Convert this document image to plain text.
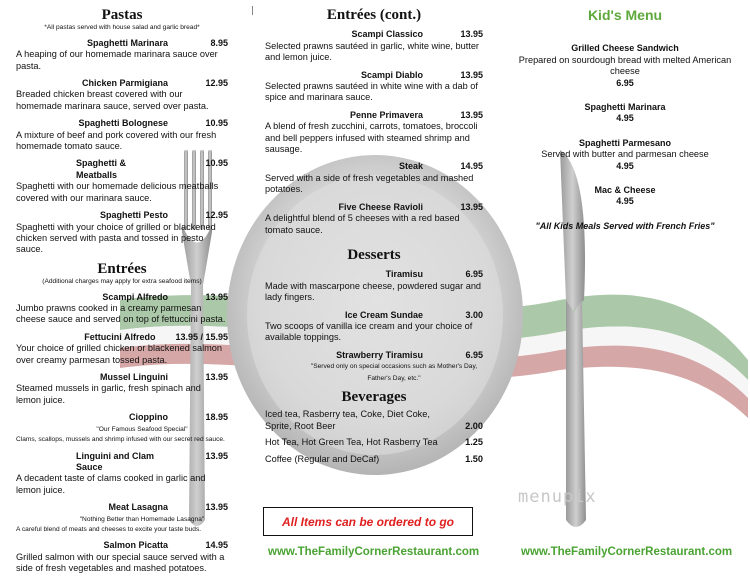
Pastas
*All pastas served with house salad and garlic bread*
Spaghetti Marinara	8.95
A heaping of our homemade marinara sauce over pasta.
Chicken Parmigiana	12.95
Breaded chicken breast covered with our homemade marinara sauce, served over pasta.
Spaghetti Bolognese	10.95
A mixture of beef and pork covered with our fresh homemade tomato sauce.
Spaghetti & Meatballs
10.95
Spaghetti with our homemade delicious meatballs covered with our marinara sauce.
Spaghetti Pesto	12.95
Spaghetti with your choice of grilled or blackened chicken served with pasta and tossed in pesto sauce.
Entrées
(Additional charges may apply for extra seafood items)
Scampi Alfredo	13.95
Jumbo prawns cooked in a creamy parmesan cheese sauce and served on top of fettuccini pasta.
Fettucini Alfredo 13.95 / 15.95
Your choice of grilled chicken or blackened salmon over creamy parmesan tossed pasta.
Mussel Linguini	13.95
Steamed mussels in garlic, fresh spinach and lemon juice.
Cioppino	18.95
"Our Famous Seafood Special"
Clams, scallops, mussels and shrimp infused with our secret red sauce.
Linguini and Clam Sauce
13.95
A decadent taste of clams cooked in garlic and lemon juice.
Meat Lasagna	13.95
"Nothing Better than Homemade Lasagna"
A careful blend of meats and cheeses to excite your taste buds.
Salmon Picatta	14.95
Grilled salmon with our special sauce served with a side of fresh vegetables and mashed potatoes.
Entrées (cont.)
Scampi Classico	13.95
Selected prawns sautéed in garlic, white wine, butter and lemon juice.
Scampi Diablo	13.95
Selected prawns sautéed in white wine with a dab of spice and marinara sauce.
Penne Primavera	13.95
A blend of fresh zucchini, carrots, tomatoes, broccoli and bell peppers infused with steamed shrimp and sausage.
Steak	14.95
Served with a side of fresh vegetables and mashed potatoes.
Five Cheese Ravioli	13.95
A delightful blend of 5 cheeses with a red based tomato sauce.
Desserts
Tiramisu	6.95
Made with mascarpone cheese, powdered sugar and lady fingers.
Ice Cream Sundae	3.00
Two scoops of vanilla ice cream and your choice of available toppings.
Strawberry Tiramisu	6.95
"Served only on special occasions such as Mother's Day, Father's Day, etc."
Beverages
Iced tea, Rasberry tea, Coke, Diet Coke, Sprite, Root Beer	2.00
Hot Tea, Hot Green Tea, Hot Rasberry Tea	1.25
Coffee (Regular and DeCaf)	1.50
Kid's Menu
Grilled Cheese Sandwich
Prepared on sourdough bread with melted American cheese
6.95
Spaghetti Marinara
4.95
Spaghetti Parmesano
Served with butter and parmesan cheese
4.95
Mac & Cheese
4.95
"All Kids Meals Served with French Fries"
All Items can be ordered to go
www.TheFamilyCornerRestaurant.com	www.TheFamilyCornerRestaurant.com
menupix
